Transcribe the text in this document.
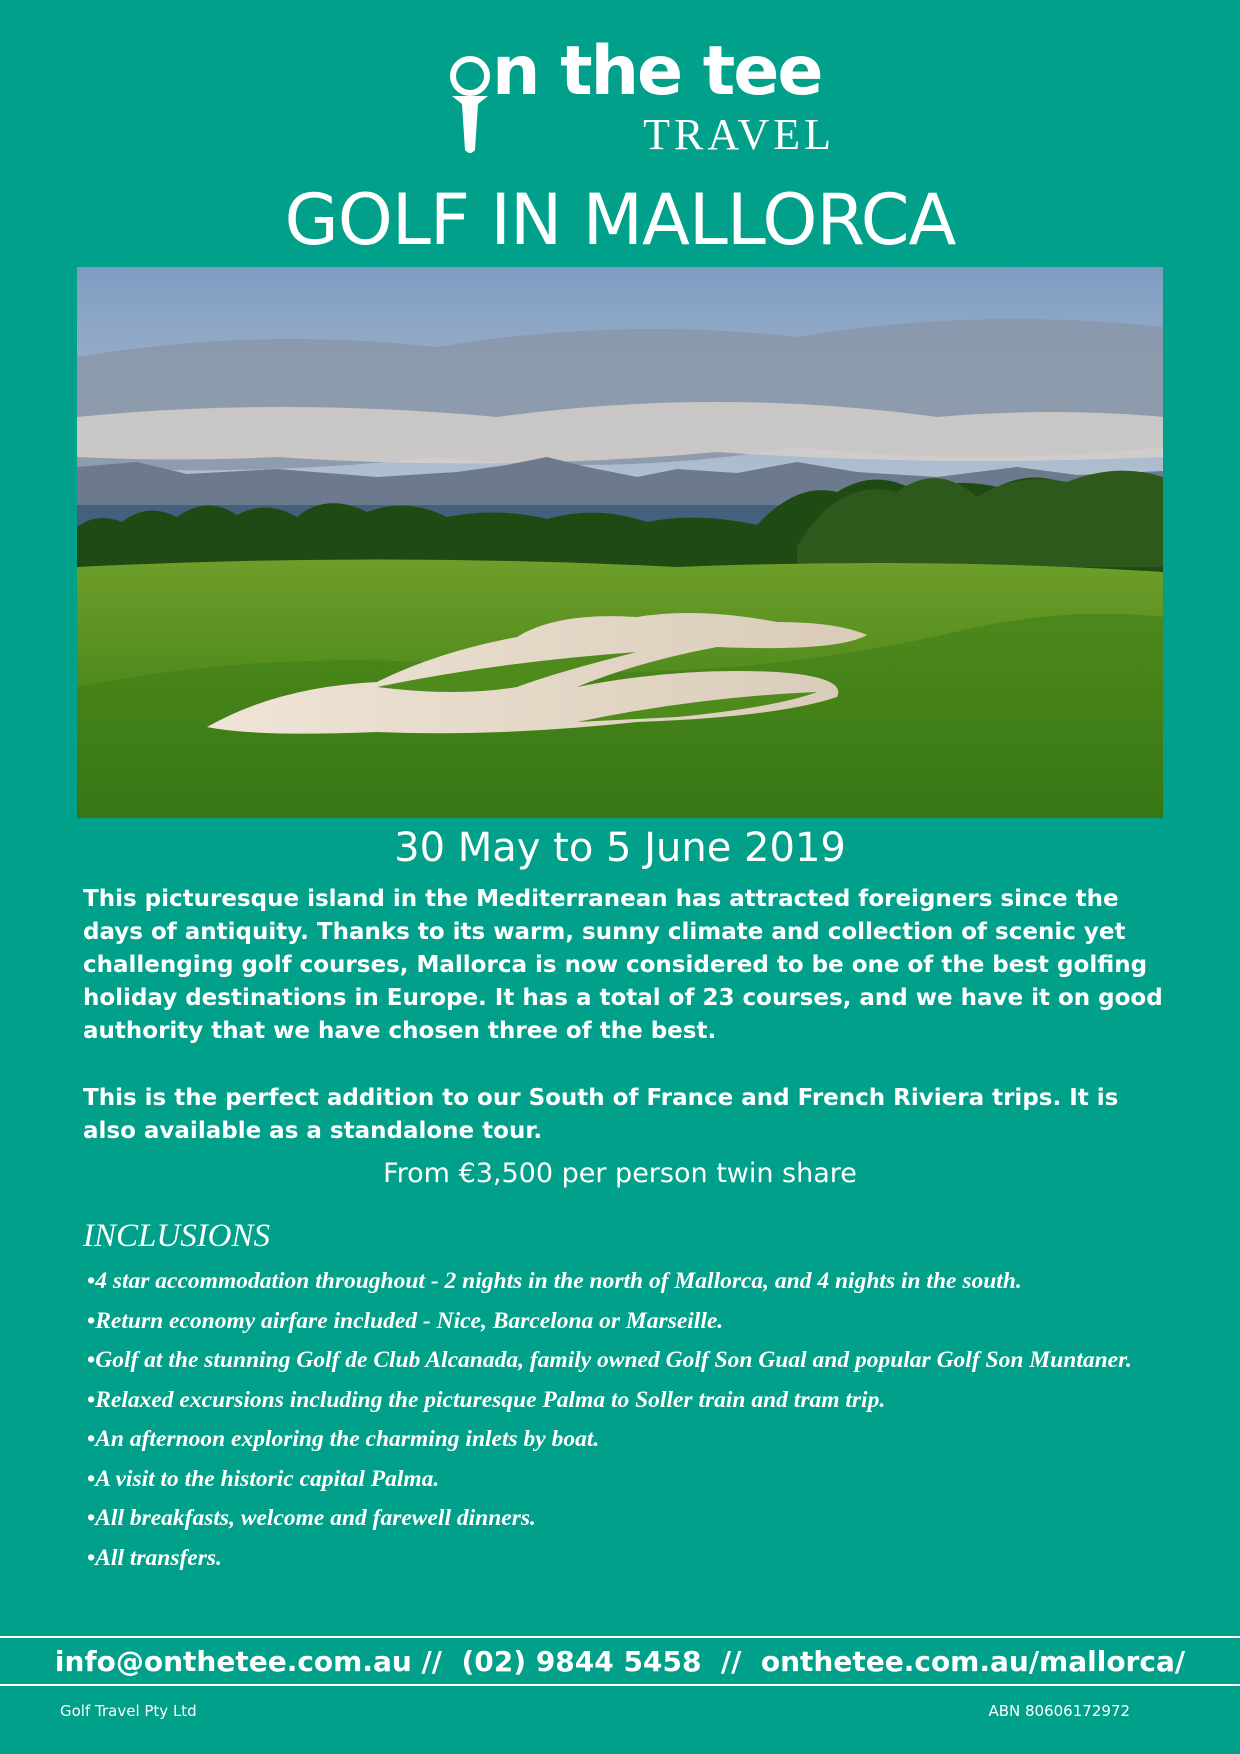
n the tee
TRAVEL
GOLF IN MALLORCA
30 May to 5 June 2019

This picturesque island in the Mediterranean has attracted foreigners since the days of antiquity. Thanks to its warm, sunny climate and collection of scenic yet challenging golf courses, Mallorca is now considered to be one of the best golfing holiday destinations in Europe. It has a total of 23 courses, and we have it on good authority that we have chosen three of the best.

This is the perfect addition to our South of France and French Riviera trips. It is also available as a standalone tour.

From €3,500 per person twin share
INCLUSIONS
•4 star accommodation throughout - 2 nights in the north of Mallorca, and 4 nights in the south.
•Return economy airfare included - Nice, Barcelona or Marseille.
•Golf at the stunning Golf de Club Alcanada, family owned Golf Son Gual and popular Golf Son Muntaner.
•Relaxed excursions including the picturesque Palma to Soller train and tram trip.
•An afternoon exploring the charming inlets by boat.
•A visit to the historic capital Palma.
•All breakfasts, welcome and farewell dinners.
•All transfers.
info@onthetee.com.au //  (02) 9844 5458  //  onthetee.com.au/mallorca/
Golf Travel Pty Ltd	ABN 80606172972
